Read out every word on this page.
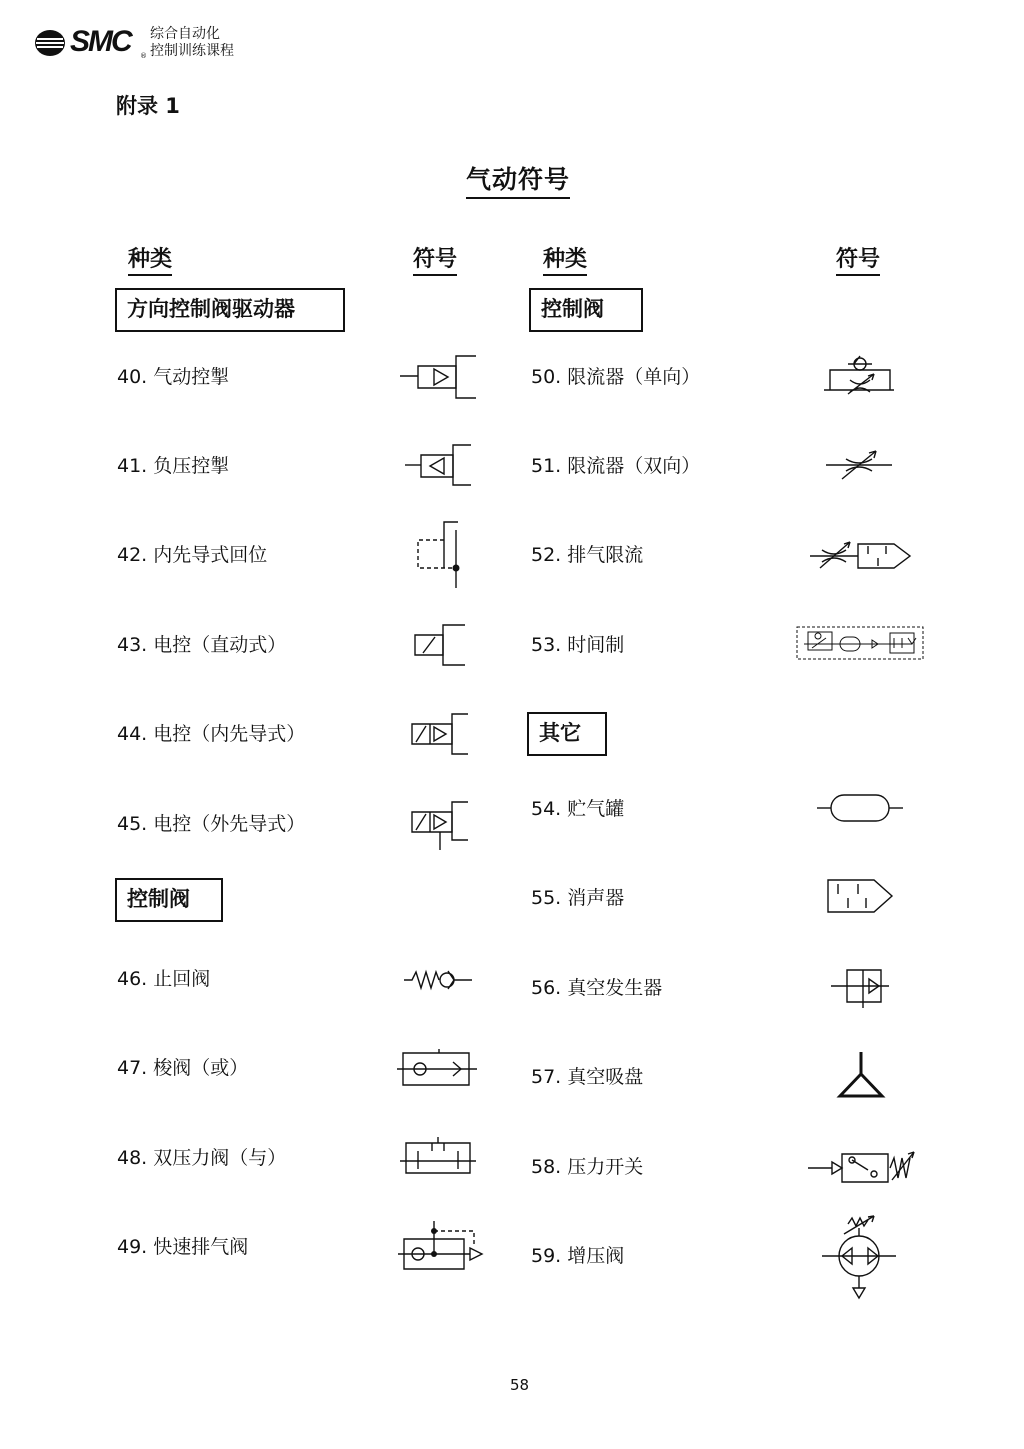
SMC ®
综合自动化
控制训练课程
附录 1
气动符号
种类	符号	种类	符号
方向控制阀驱动器	控制阀
其它
控制阀
40. 气动控掣
41. 负压控掣
42. 内先导式回位
43. 电控（直动式）
44. 电控（内先导式）
45. 电控（外先导式）
46. 止回阀
47. 梭阀（或）
48. 双压力阀（与）
49. 快速排气阀
50. 限流器（单向）
51. 限流器（双向）
52. 排气限流
53. 时间制
54. 贮气罐
55. 消声器
56. 真空发生器
57. 真空吸盘
58. 压力开关
59. 增压阀
58
